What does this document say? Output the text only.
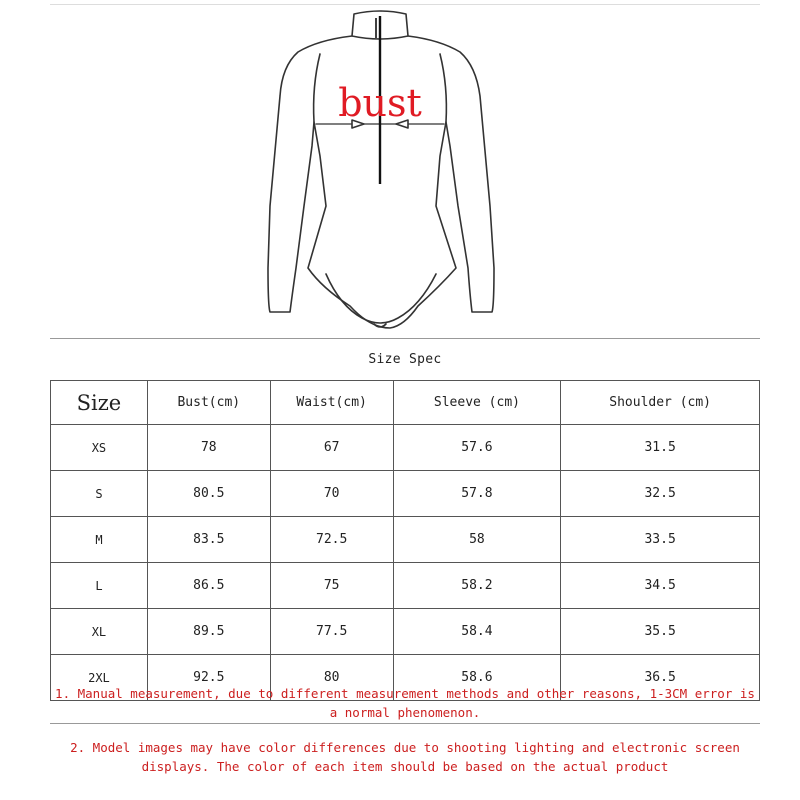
bust
Size Spec
Size	Bust(cm)	Waist(cm)	Sleeve (cm)	Shoulder (cm)
XS	78	67	57.6	31.5
S	80.5	70	57.8	32.5
M	83.5	72.5	58	33.5
L	86.5	75	58.2	34.5
XL	89.5	77.5	58.4	35.5
2XL	92.5	80	58.6	36.5
1. Manual measurement, due to different measurement methods and other reasons, 1-3CM error is a normal phenomenon.
2. Model images may have color differences due to shooting lighting and electronic screen displays. The color of each item should be based on the actual product
